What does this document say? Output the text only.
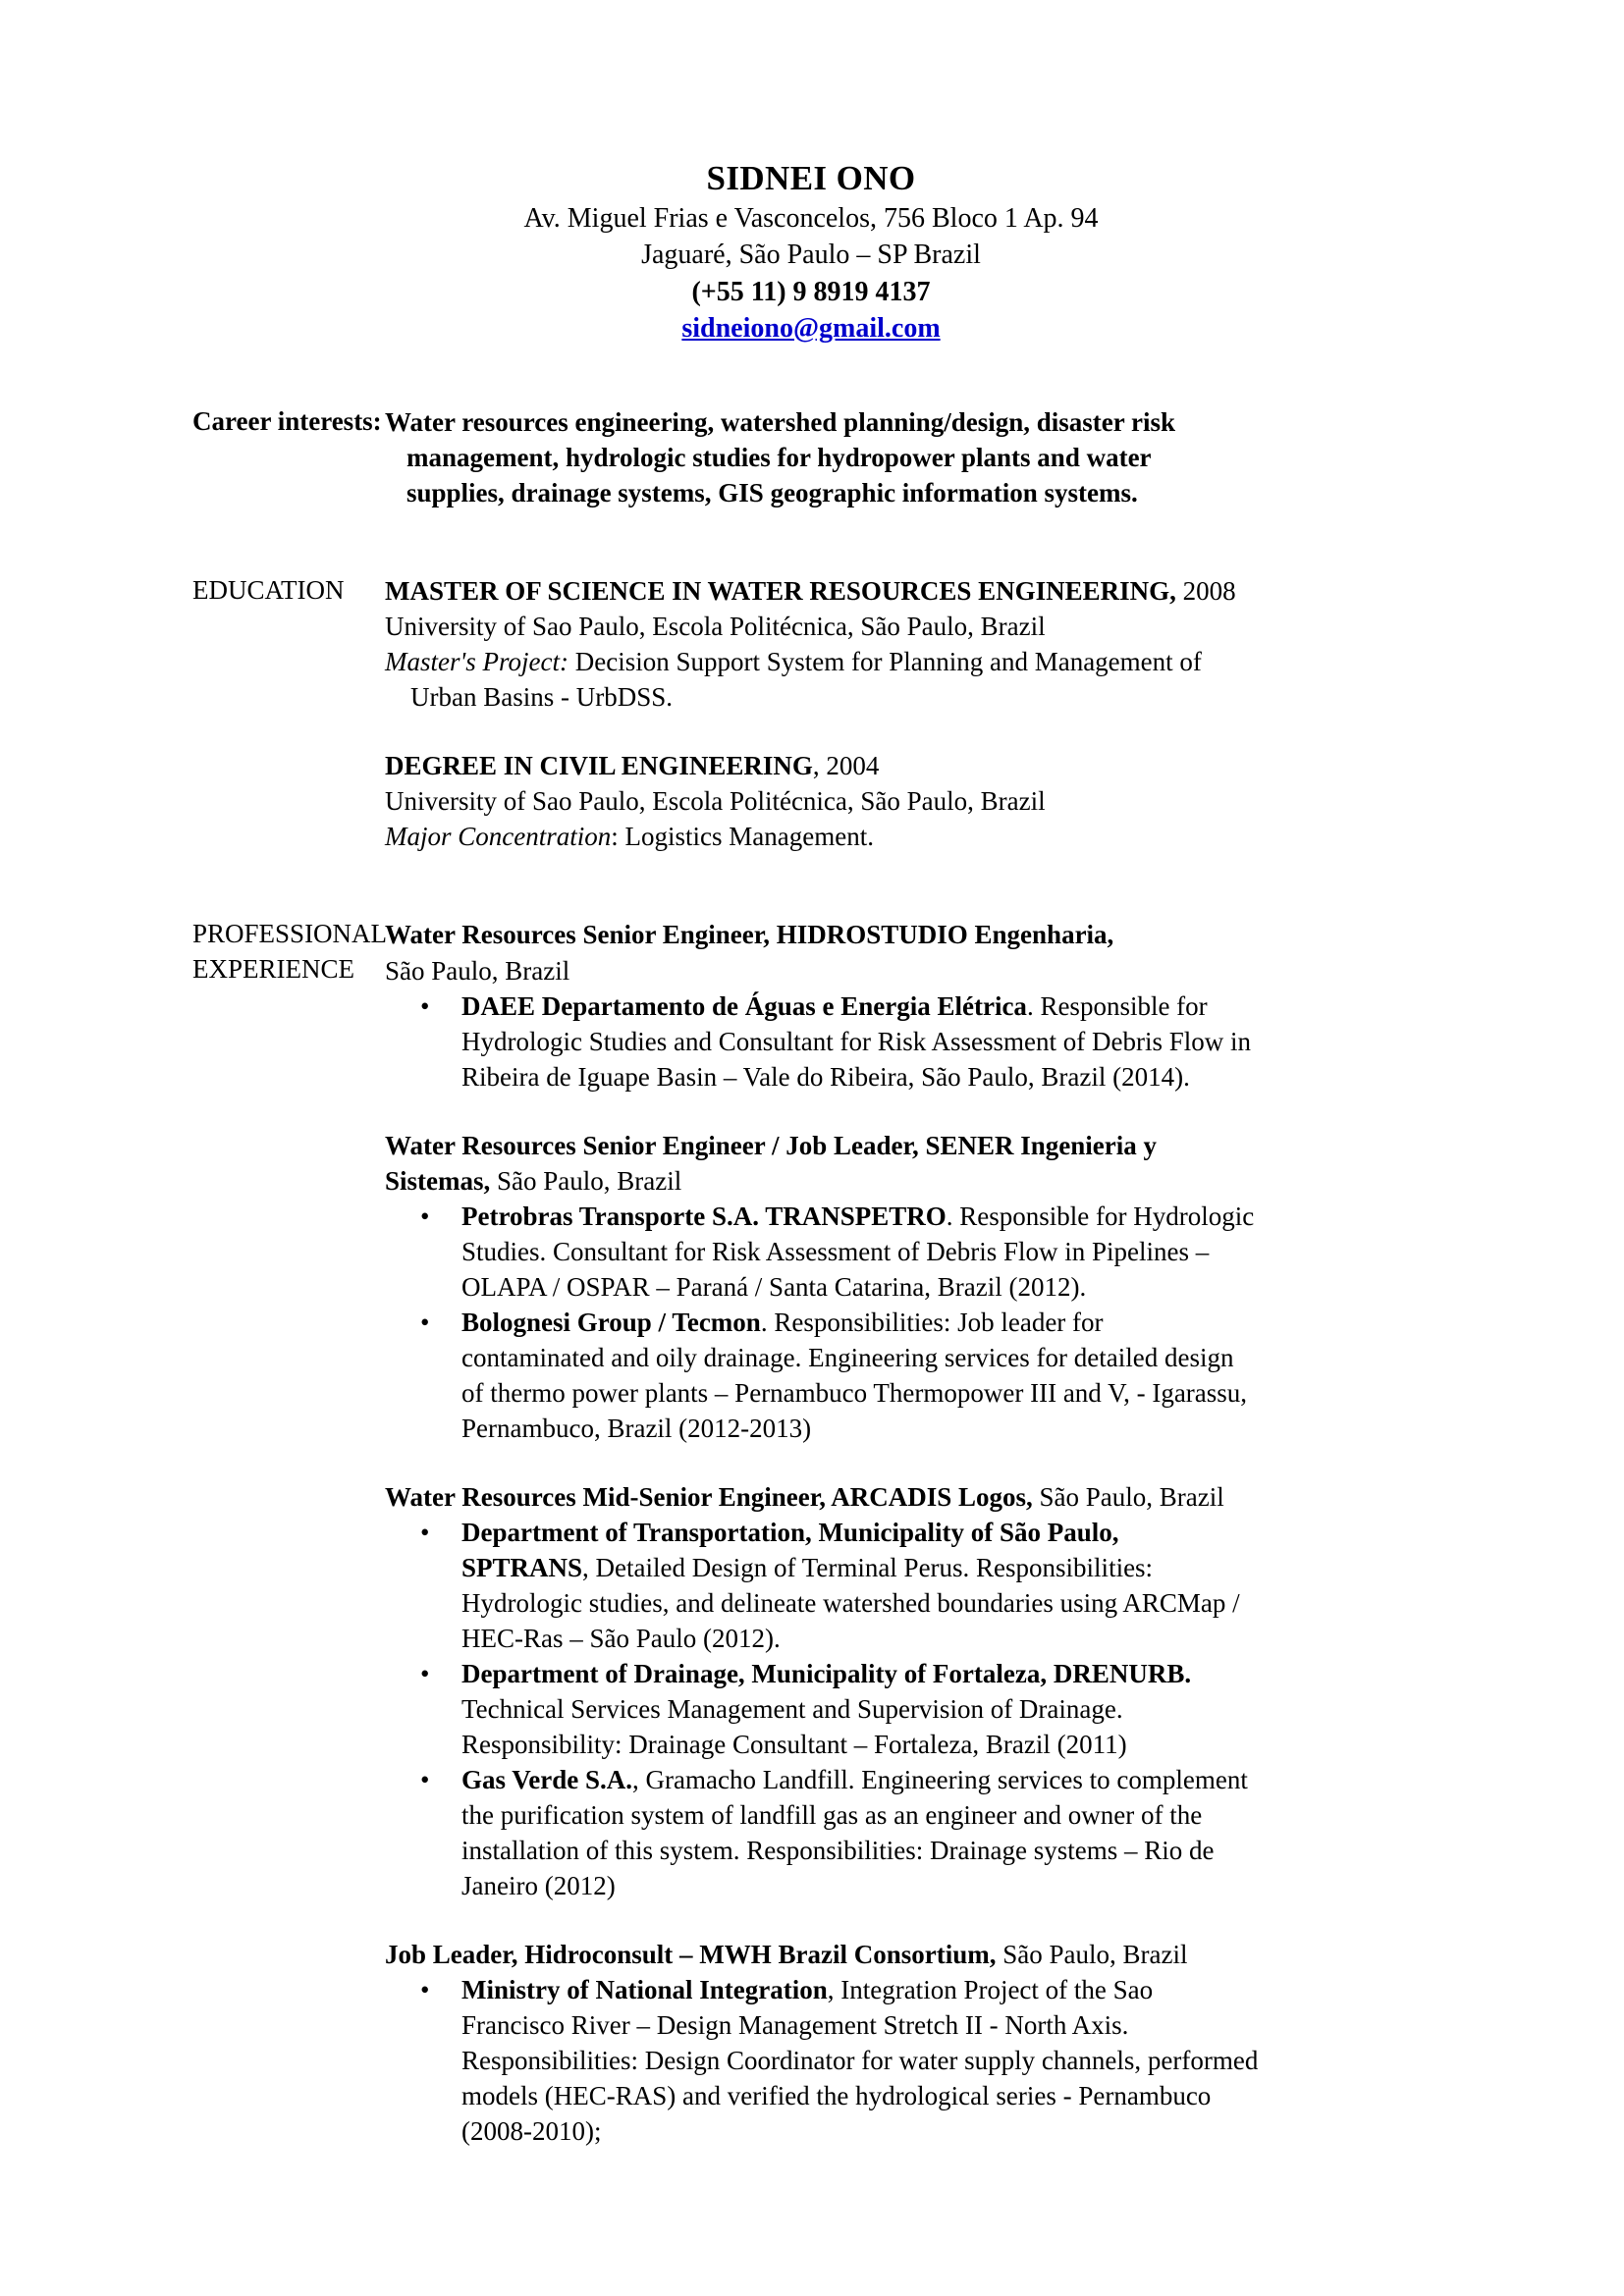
SIDNEI ONO
Av. Miguel Frias e Vasconcelos, 756 Bloco 1 Ap. 94
Jaguaré, São Paulo – SP Brazil
(+55 11) 9 8919 4137
sidneiono@gmail.com
Career interests: Water resources engineering, watershed planning/design, disaster risk
management, hydrologic studies for hydropower plants and water
supplies, drainage systems, GIS geographic information systems.
EDUCATION	MASTER OF SCIENCE IN WATER RESOURCES ENGINEERING, 2008
University of Sao Paulo, Escola Politécnica, São Paulo, Brazil
Master's Project: Decision Support System for Planning and Management of
Urban Basins - UrbDSS.
DEGREE IN CIVIL ENGINEERING, 2004
University of Sao Paulo, Escola Politécnica, São Paulo, Brazil
Major Concentration: Logistics Management.
PROFESSIONAL
EXPERIENCE
Water Resources Senior Engineer, HIDROSTUDIO Engenharia,
São Paulo, Brazil
• DAEE Departamento de Águas e Energia Elétrica. Responsible for
Hydrologic Studies and Consultant for Risk Assessment of Debris Flow in
Ribeira de Iguape Basin – Vale do Ribeira, São Paulo, Brazil (2014).
Water Resources Senior Engineer / Job Leader, SENER Ingenieria y
Sistemas, São Paulo, Brazil
• Petrobras Transporte S.A. TRANSPETRO. Responsible for Hydrologic
Studies. Consultant for Risk Assessment of Debris Flow in Pipelines –
OLAPA / OSPAR – Paraná / Santa Catarina, Brazil (2012).
• Bolognesi Group / Tecmon. Responsibilities: Job leader for
contaminated and oily drainage. Engineering services for detailed design
of thermo power plants – Pernambuco Thermopower III and V, - Igarassu,
Pernambuco, Brazil (2012-2013)
Water Resources Mid-Senior Engineer, ARCADIS Logos, São Paulo, Brazil
• Department of Transportation, Municipality of São Paulo,
SPTRANS, Detailed Design of Terminal Perus. Responsibilities:
Hydrologic studies, and delineate watershed boundaries using ARCMap /
HEC-Ras – São Paulo (2012).
• Department of Drainage, Municipality of Fortaleza, DRENURB.
Technical Services Management and Supervision of Drainage.
Responsibility: Drainage Consultant – Fortaleza, Brazil (2011)
• Gas Verde S.A., Gramacho Landfill. Engineering services to complement
the purification system of landfill gas as an engineer and owner of the
installation of this system. Responsibilities: Drainage systems – Rio de
Janeiro (2012)
Job Leader, Hidroconsult – MWH Brazil Consortium, São Paulo, Brazil
• Ministry of National Integration, Integration Project of the Sao
Francisco River – Design Management Stretch II - North Axis.
Responsibilities: Design Coordinator for water supply channels, performed
models (HEC-RAS) and verified the hydrological series - Pernambuco
(2008-2010);
